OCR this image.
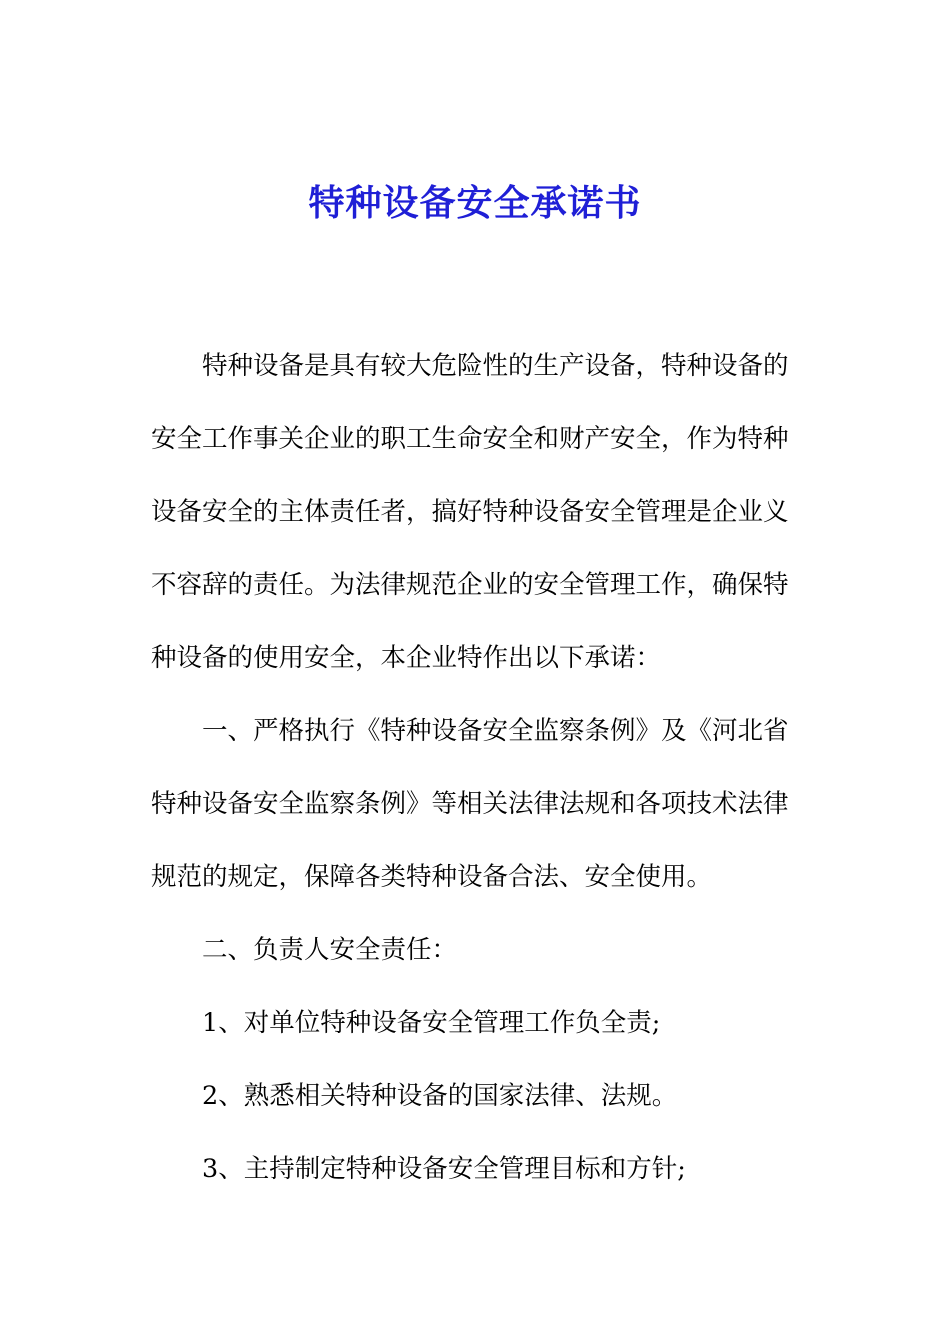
特种设备安全承诺书
特种设备是具有较大危险性的生产设备，特种设备的
安全工作事关企业的职工生命安全和财产安全，作为特种
设备安全的主体责任者，搞好特种设备安全管理是企业义
不容辞的责任。为法律规范企业的安全管理工作，确保特
种设备的使用安全，本企业特作出以下承诺：
一、严格执行《特种设备安全监察条例》及《河北省
特种设备安全监察条例》等相关法律法规和各项技术法律
规范的规定，保障各类特种设备合法、安全使用。
二、负责人安全责任：
1、对单位特种设备安全管理工作负全责;
2、熟悉相关特种设备的国家法律、法规。
3、主持制定特种设备安全管理目标和方针;
